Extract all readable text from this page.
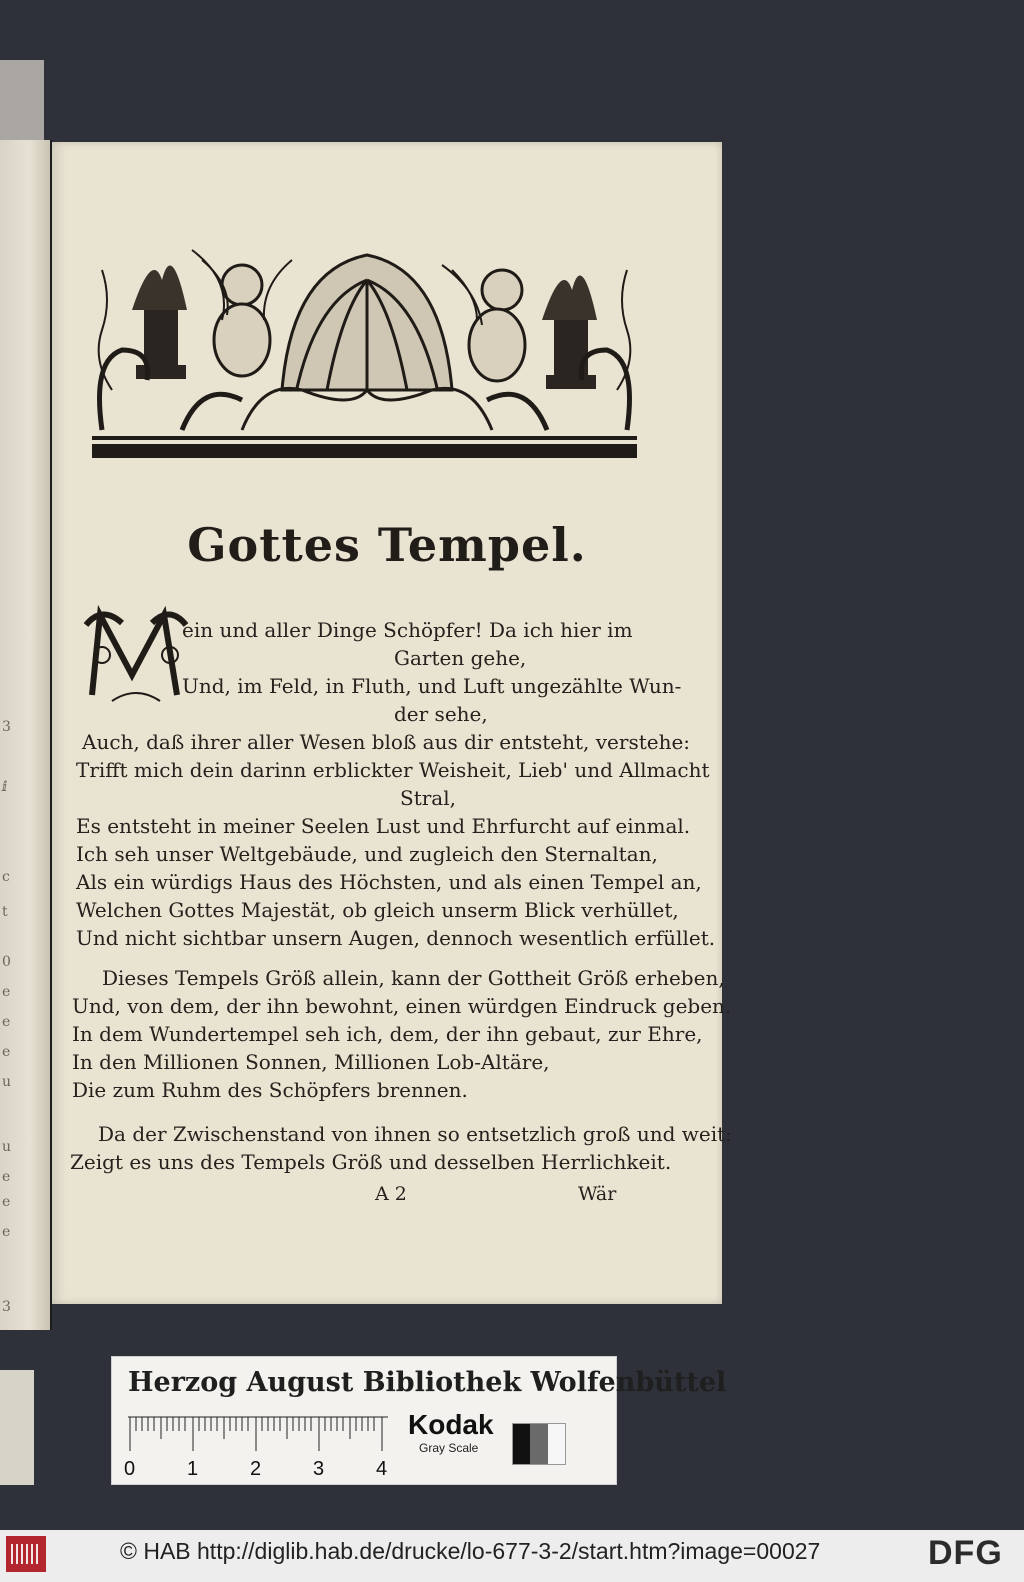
3
ⅈ
c
t
0
e
e
e
u
u
e
e
e
3
Gottes Tempel.
ein und aller Dinge Schöpfer! Da ich hier im
Garten gehe,
Und, im Feld, in Fluth, und Luft ungezählte Wun-
der sehe,
Auch, daß ihrer aller Wesen bloß aus dir entsteht, verstehe:
Trifft mich dein darinn erblickter Weisheit, Lieb' und Allmacht
Stral,
Es entsteht in meiner Seelen Lust und Ehrfurcht auf einmal.
Ich seh unser Weltgebäude, und zugleich den Sternaltan,
Als ein würdigs Haus des Höchsten, und als einen Tempel an,
Welchen Gottes Majestät, ob gleich unserm Blick verhüllet,
Und nicht sichtbar unsern Augen, dennoch wesentlich erfüllet.
Dieses Tempels Größ allein, kann der Gottheit Größ erheben,
Und, von dem, der ihn bewohnt, einen würdgen Eindruck geben.
In dem Wundertempel seh ich, dem, der ihn gebaut, zur Ehre,
In den Millionen Sonnen, Millionen Lob-Altäre,
Die zum Ruhm des Schöpfers brennen.
Da der Zwischenstand von ihnen so entsetzlich groß und weit:
Zeigt es uns des Tempels Größ und desselben Herrlichkeit.
A 2	Wär
Herzog August Bibliothek Wolfenbüttel
0	1	2	3	4
Kodak
Gray Scale
© HAB http://diglib.hab.de/drucke/lo-677-3-2/start.htm?image=00027	DFG
